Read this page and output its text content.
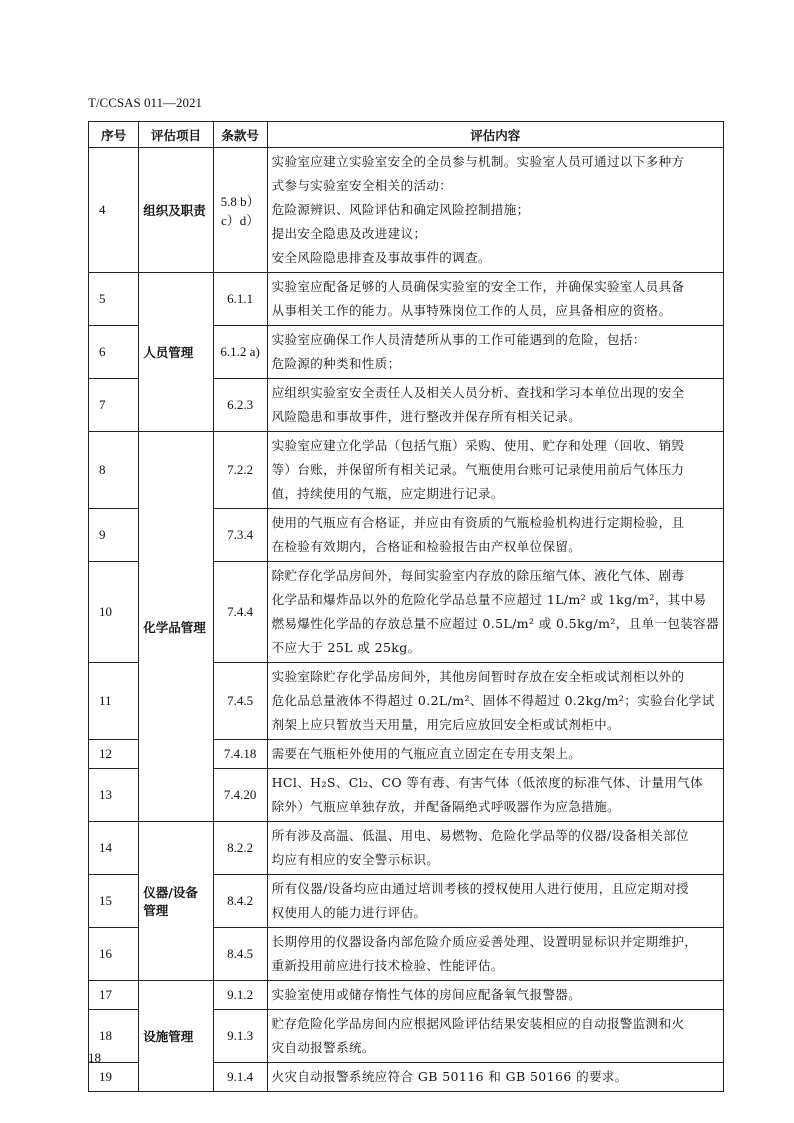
T/CCSAS 011—2021
序号	评估项目	条款号	评估内容
4	组织及职责	5.8 b）c）d）	实验室应建立实验室安全的全员参与机制。实验室人员可通过以下多种方
式参与实验室安全相关的活动：
危险源辨识、风险评估和确定风险控制措施；
提出安全隐患及改进建议；
安全风险隐患排查及事故事件的调查。

5	人员管理	6.1.1	实验室应配备足够的人员确保实验室的安全工作，并确保实验室人员具备
从事相关工作的能力。从事特殊岗位工作的人员，应具备相应的资格。

6		6.1.2 a)	实验室应确保工作人员清楚所从事的工作可能遇到的危险，包括：
危险源的种类和性质；

7		6.2.3	应组织实验室安全责任人及相关人员分析、查找和学习本单位出现的安全
风险隐患和事故事件，进行整改并保存所有相关记录。

8	化学品管理	7.2.2	实验室应建立化学品（包括气瓶）采购、使用、贮存和处理（回收、销毁
等）台账，并保留所有相关记录。气瓶使用台账可记录使用前后气体压力
值，持续使用的气瓶，应定期进行记录。

9		7.3.4	使用的气瓶应有合格证，并应由有资质的气瓶检验机构进行定期检验，且
在检验有效期内，合格证和检验报告由产权单位保留。

10		7.4.4	除贮存化学品房间外，每间实验室内存放的除压缩气体、液化气体、剧毒
化学品和爆炸品以外的危险化学品总量不应超过 1L/m² 或 1kg/m²，其中易
燃易爆性化学品的存放总量不应超过 0.5L/m² 或 0.5kg/m²，且单一包装容器
不应大于 25L 或 25kg。

11		7.4.5	实验室除贮存化学品房间外，其他房间暂时存放在安全柜或试剂柜以外的
危化品总量液体不得超过 0.2L/m²、固体不得超过 0.2kg/m²；实验台化学试
剂架上应只暂放当天用量，用完后应放回安全柜或试剂柜中。

12		7.4.18	需要在气瓶柜外使用的气瓶应直立固定在专用支架上。

13		7.4.20	HCl、H₂S、Cl₂、CO 等有毒、有害气体（低浓度的标准气体、计量用气体
除外）气瓶应单独存放，并配备隔绝式呼吸器作为应急措施。

14	仪器/设备管理	8.2.2	所有涉及高温、低温、用电、易燃物、危险化学品等的仪器/设备相关部位
均应有相应的安全警示标识。

15		8.4.2	所有仪器/设备均应由通过培训考核的授权使用人进行使用，且应定期对授
权使用人的能力进行评估。

16		8.4.5	长期停用的仪器设备内部危险介质应妥善处理、设置明显标识并定期维护，
重新投用前应进行技术检验、性能评估。

17	设施管理	9.1.2	实验室使用或储存惰性气体的房间应配备氧气报警器。

18		9.1.3	贮存危险化学品房间内应根据风险评估结果安装相应的自动报警监测和火
灾自动报警系统。

19		9.1.4	火灾自动报警系统应符合 GB 50116 和 GB 50166 的要求。
18
